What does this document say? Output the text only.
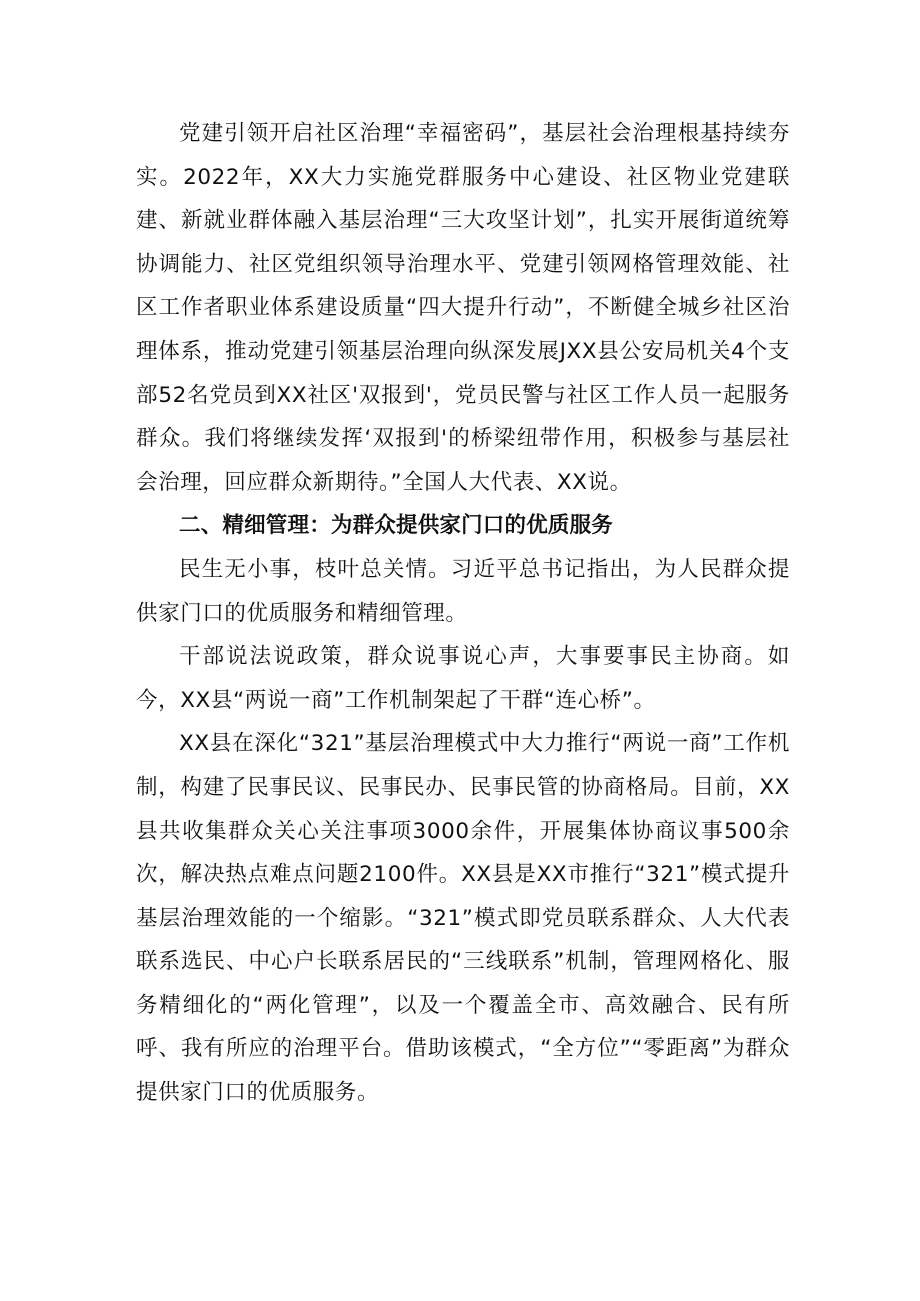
党建引领开启社区治理“幸福密码”，基层社会治理根基持续夯实。2022年，XX大力实施党群服务中心建设、社区物业党建联建、新就业群体融入基层治理“三大攻坚计划”，扎实开展街道统筹协调能力、社区党组织领导治理水平、党建引领网格管理效能、社区工作者职业体系建设质量“四大提升行动”，不断健全城乡社区治理体系，推动党建引领基层治理向纵深发展JXX县公安局机关4个支部52名党员到XX社区'双报到'，党员民警与社区工作人员一起服务群众。我们将继续发挥‘双报到'的桥梁纽带作用，积极参与基层社会治理，回应群众新期待。”全国人大代表、XX说。

二、精细管理：为群众提供家门口的优质服务

民生无小事，枝叶总关情。习近平总书记指出，为人民群众提供家门口的优质服务和精细管理。

干部说法说政策，群众说事说心声，大事要事民主协商。如今，XX县“两说一商”工作机制架起了干群“连心桥”。

XX县在深化“321”基层治理模式中大力推行“两说一商”工作机制，构建了民事民议、民事民办、民事民管的协商格局。目前，XX县共收集群众关心关注事项3000余件，开展集体协商议事500余次，解决热点难点问题2100件。XX县是XX市推行“321”模式提升基层治理效能的一个缩影。“321”模式即党员联系群众、人大代表联系选民、中心户长联系居民的“三线联系”机制，管理网格化、服务精细化的“两化管理”，以及一个覆盖全市、高效融合、民有所呼、我有所应的治理平台。借助该模式，“全方位”“零距离”为群众提供家门口的优质服务。
